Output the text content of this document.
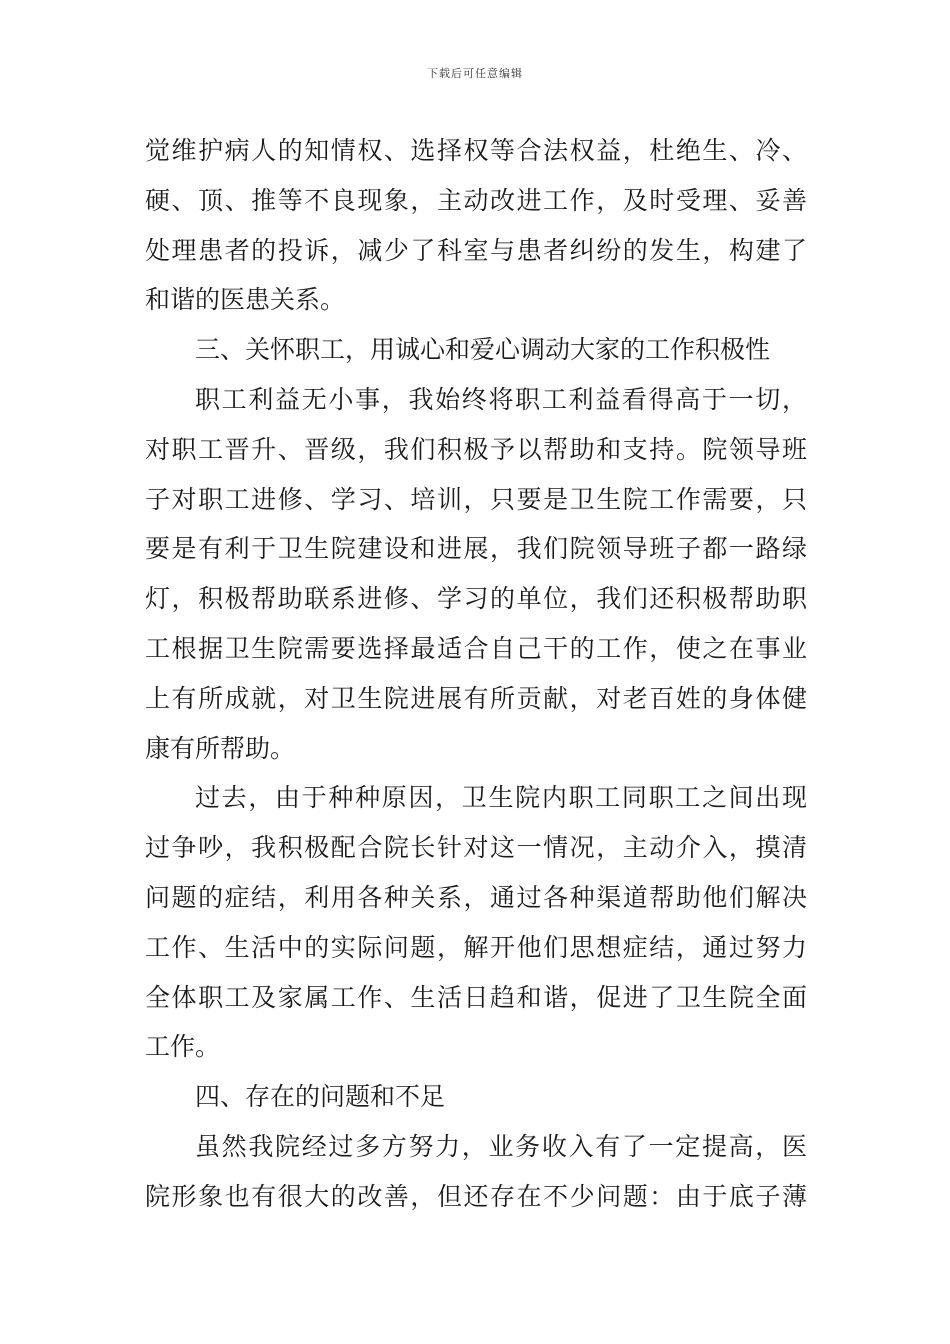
下载后可任意编辑
觉维护病人的知情权、选择权等合法权益，杜绝生、冷、
硬、顶、推等不良现象，主动改进工作，及时受理、妥善
处理患者的投诉，减少了科室与患者纠纷的发生，构建了
和谐的医患关系。
三、关怀职工，用诚心和爱心调动大家的工作积极性
职工利益无小事，我始终将职工利益看得高于一切，
对职工晋升、晋级，我们积极予以帮助和支持。院领导班
子对职工进修、学习、培训，只要是卫生院工作需要，只
要是有利于卫生院建设和进展，我们院领导班子都一路绿
灯，积极帮助联系进修、学习的单位，我们还积极帮助职
工根据卫生院需要选择最适合自己干的工作，使之在事业
上有所成就，对卫生院进展有所贡献，对老百姓的身体健
康有所帮助。
过去，由于种种原因，卫生院内职工同职工之间出现
过争吵，我积极配合院长针对这一情况，主动介入，摸清
问题的症结，利用各种关系，通过各种渠道帮助他们解决
工作、生活中的实际问题，解开他们思想症结，通过努力
全体职工及家属工作、生活日趋和谐，促进了卫生院全面
工作。
四、存在的问题和不足
虽然我院经过多方努力，业务收入有了一定提高，医
院形象也有很大的改善，但还存在不少问题：由于底子薄
